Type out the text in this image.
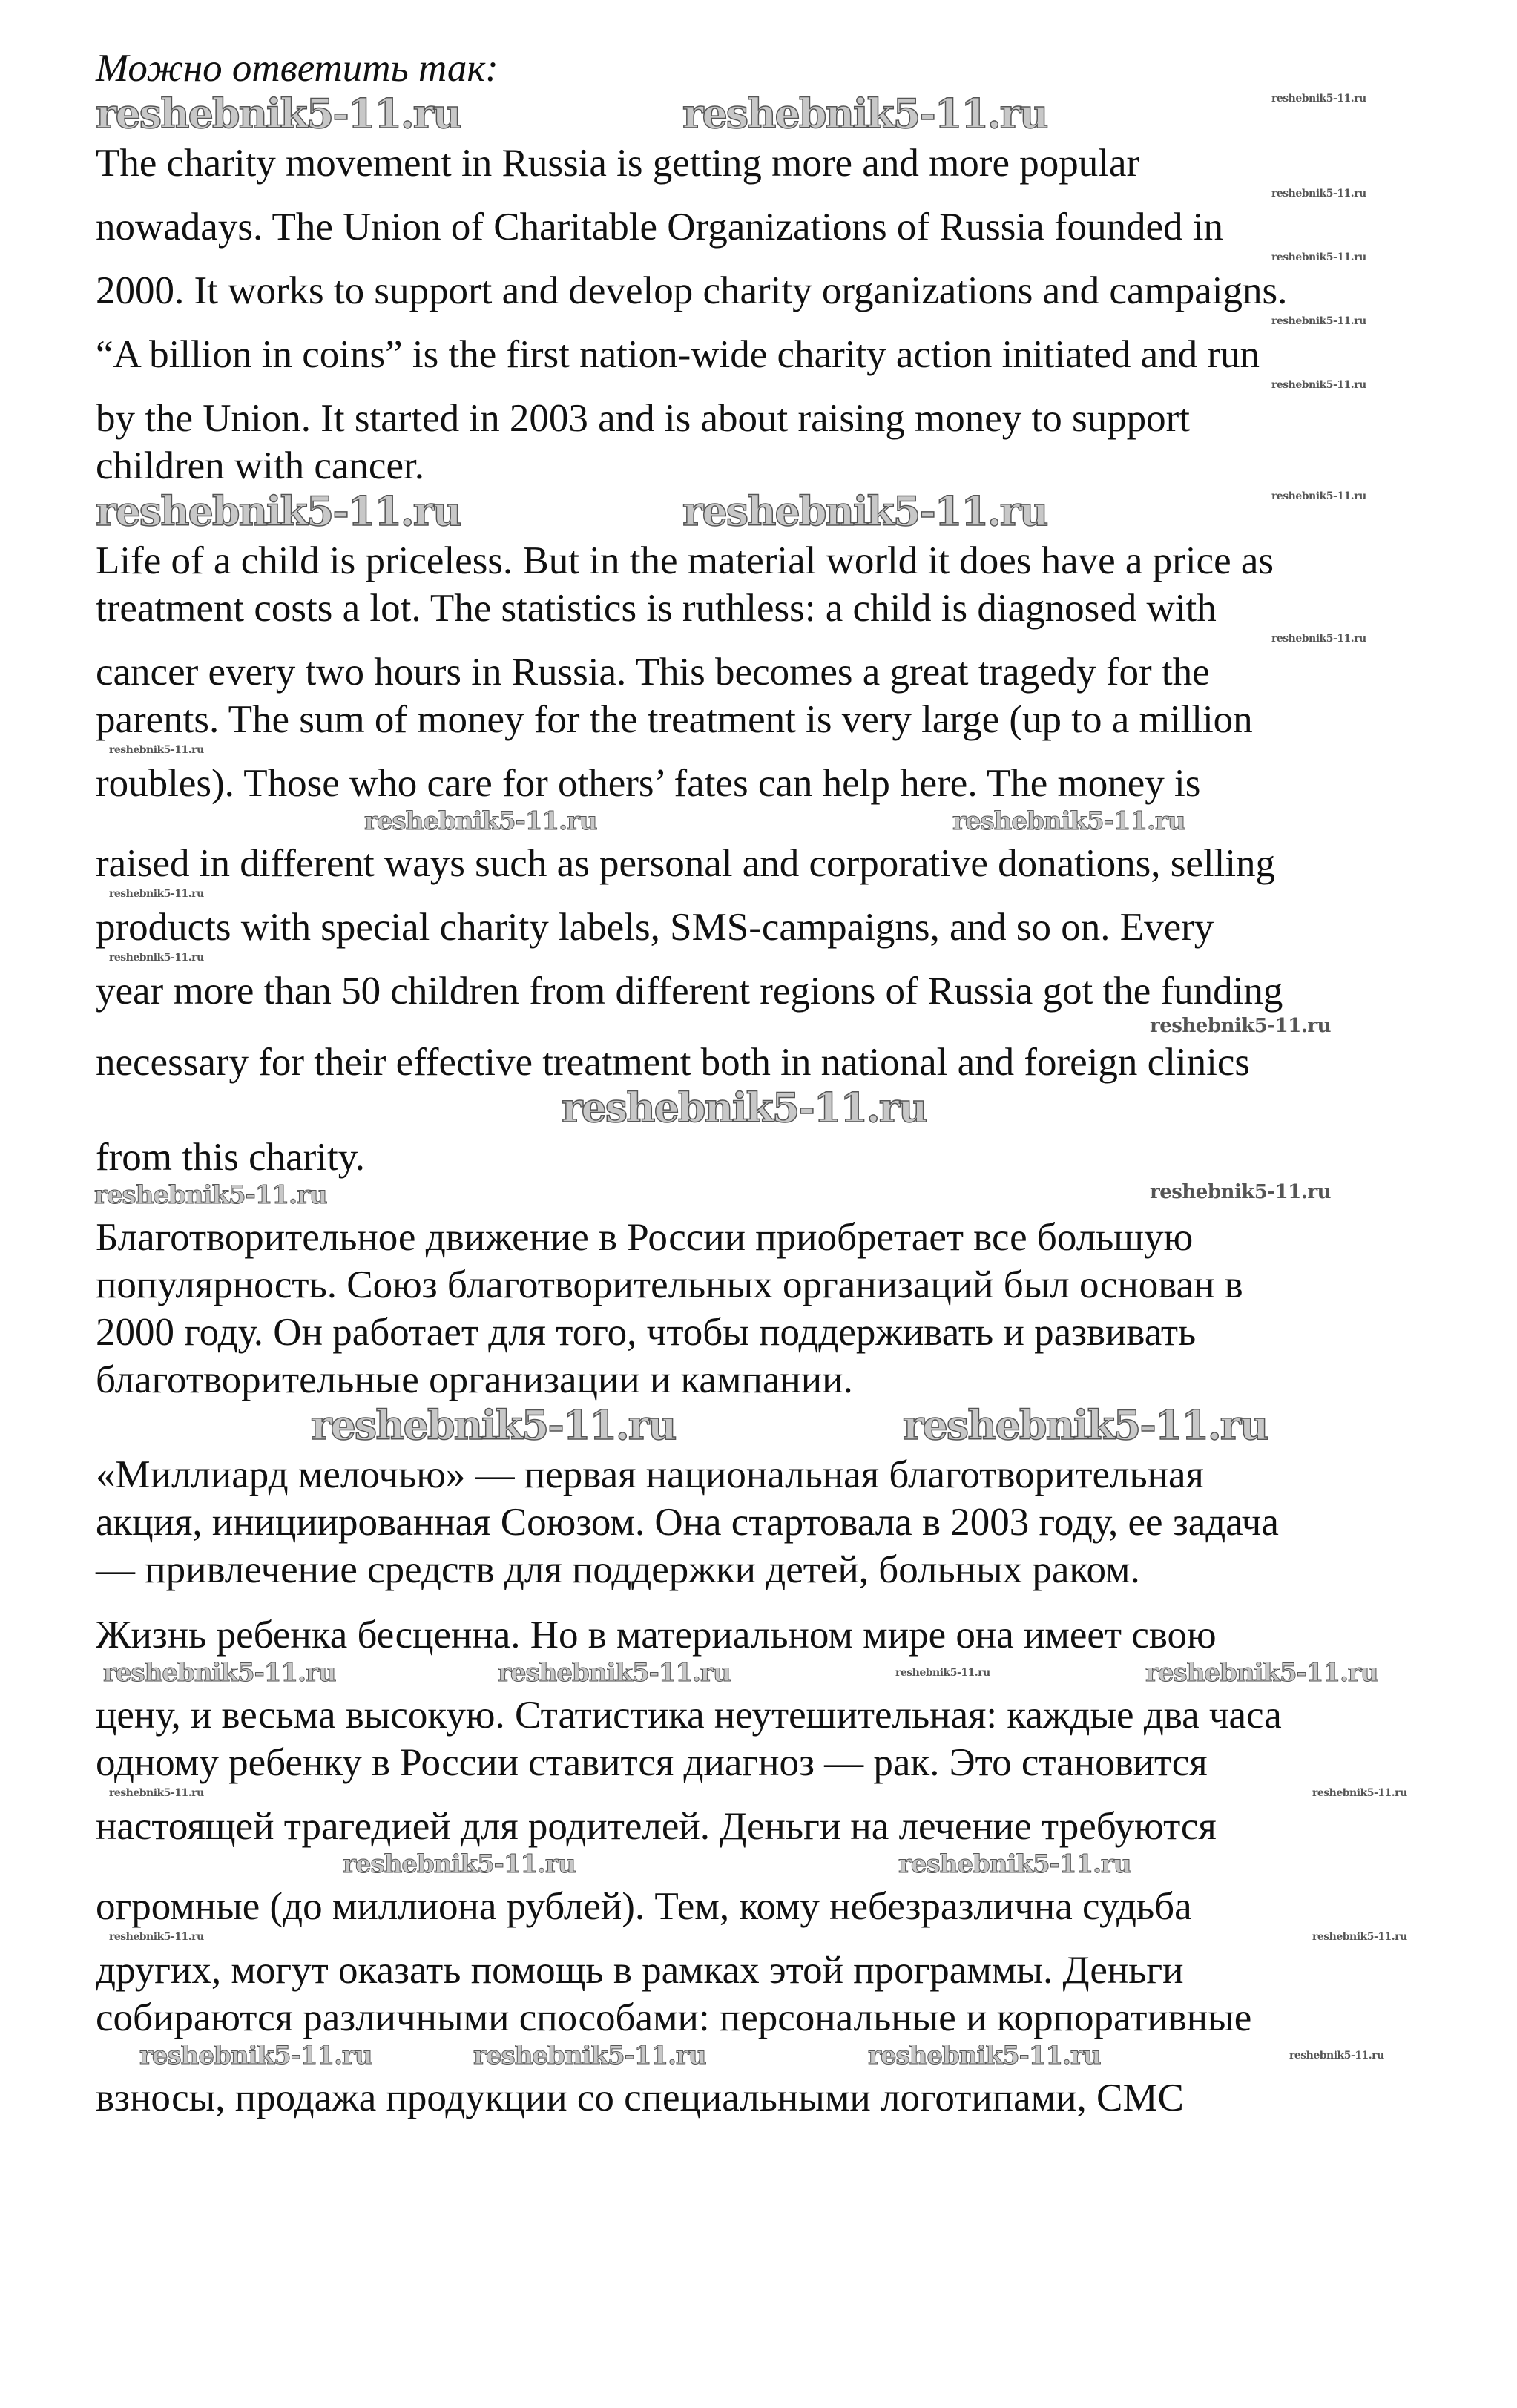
Можно ответить так:
reshebnik5-11.ru	reshebnik5-11.ru	reshebnik5-11.ru
The charity movement in Russia is getting more and more popular
reshebnik5-11.ru
nowadays. The Union of Charitable Organizations of Russia founded in
reshebnik5-11.ru
2000. It works to support and develop charity organizations and campaigns.
reshebnik5-11.ru
“A billion in coins” is the first nation-wide charity action initiated and run
reshebnik5-11.ru
by the Union. It started in 2003 and is about raising money to support
children with cancer.
reshebnik5-11.ru	reshebnik5-11.ru	reshebnik5-11.ru
Life of a child is priceless. But in the material world it does have a price as
treatment costs a lot. The statistics is ruthless: a child is diagnosed with
reshebnik5-11.ru
cancer every two hours in Russia. This becomes a great tragedy for the
parents. The sum of money for the treatment is very large (up to a million
reshebnik5-11.ru
roubles). Those who care for others’ fates can help here. The money is
reshebnik5-11.ru	reshebnik5-11.ru
raised in different ways such as personal and corporative donations, selling
reshebnik5-11.ru
products with special charity labels, SMS-campaigns, and so on. Every
reshebnik5-11.ru
year more than 50 children from different regions of Russia got the funding
reshebnik5-11.ru
necessary for their effective treatment both in national and foreign clinics
reshebnik5-11.ru
from this charity.
reshebnik5-11.ru	reshebnik5-11.ru
Благотворительное движение в России приобретает все большую
популярность. Союз благотворительных организаций был основан в
2000 году. Он работает для того, чтобы поддерживать и развивать
благотворительные организации и кампании.
reshebnik5-11.ru	reshebnik5-11.ru
«Миллиард мелочью» — первая национальная благотворительная
акция, инициированная Союзом. Она стартовала в 2003 году, ее задача
— привлечение средств для поддержки детей, больных раком.
Жизнь ребенка бесценна. Но в материальном мире она имеет свою
reshebnik5-11.ru	reshebnik5-11.ru	reshebnik5-11.ru	reshebnik5-11.ru
цену, и весьма высокую. Статистика неутешительная: каждые два часа
одному ребенку в России ставится диагноз — рак. Это становится
reshebnik5-11.ru	reshebnik5-11.ru
настоящей трагедией для родителей. Деньги на лечение требуются
reshebnik5-11.ru	reshebnik5-11.ru
огромные (до миллиона рублей). Тем, кому небезразлична судьба
reshebnik5-11.ru	reshebnik5-11.ru
других, могут оказать помощь в рамках этой программы. Деньги
собираются различными способами: персональные и корпоративные
reshebnik5-11.ru	reshebnik5-11.ru	reshebnik5-11.ru	reshebnik5-11.ru
взносы, продажа продукции со специальными логотипами, СМС
